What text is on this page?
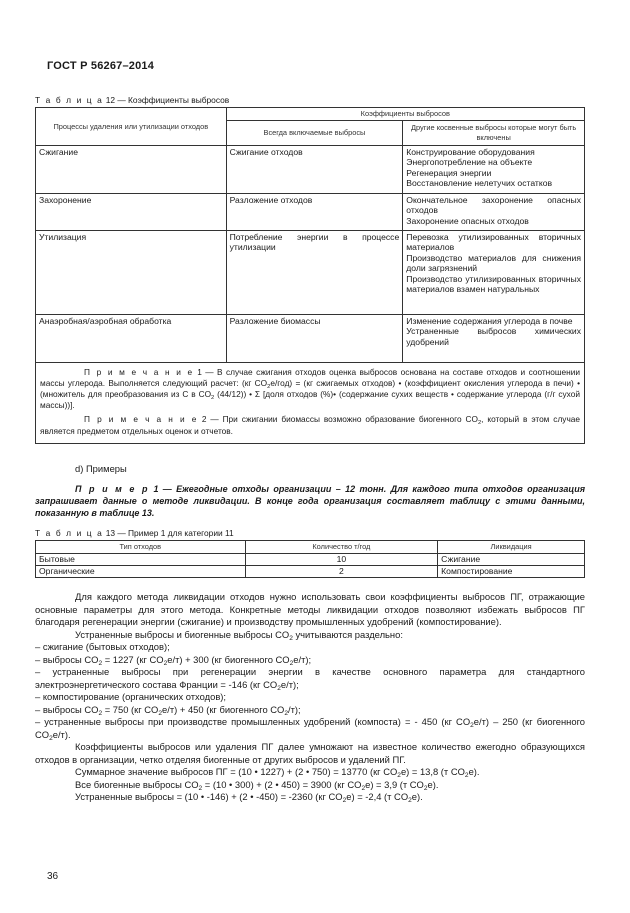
ГОСТ Р 56267–2014
Т а б л и ц а 12 — Коэффициенты выбросов
Процессы удаления или утилизации отходов	Коэффициенты выбросов	
	Всегда включаемые выбросы	Другие косвенные выбросы которые могут быть включены
Сжигание	Сжигание отходов	Конструирование оборудования
Энергопотребление на объекте
Регенерация энергии
Восстановление нелетучих остатков

Захоронение	Разложение отходов	Окончательное захоронение опасных отходов
Захоронение опасных отходов

Утилизация	Потребление энергии в процессе утилизации	Перевозка утилизированных вторичных материалов
Производство материалов для снижения доли загрязнений
Производство утилизированных вторичных материалов взамен натуральных

Анаэробная/аэробная обработка	Разложение биомассы	Изменение содержания углерода в почве
Устраненные выбросов химических удобрений

П р и м е ч а н и е 1 — В случае сжигания отходов оценка выбросов основана на составе отходов и соотношении массы углерода. Выполняется следующий расчет: (кг $CO_2е/год) = (кг$ сжигаемых отходов) • (коэффициент окисления углерода в печи) • (множитель для преобразования из C в $CO_2$ (44/12)) • Σ [доля отходов (%)• (содержание сухих веществ • содержание углерода (г/г сухой массы))].

П р и м е ч а н и е 2 — При сжигании биомассы возможно образование биогенного $CO_2$, который в этом случае является предметом отдельных оценок и отчетов.		

d) Примеры

П р и м е р 1 — Ежегодные отходы организации – 12 тонн. Для каждого типа отходов организация запрашивает данные о методе ликвидации. В конце года организация составляет таблицу с этими данными, показанную в таблице 13.

Т а б л и ц а 13 — Пример 1 для категории 11
Тип отходов	Количество т/год	Ликвидация
Бытовые	10	Сжигание
Органические	2	Компостирование

Для каждого метода ликвидации отходов нужно использовать свои коэффициенты выбросов ПГ, отражающие основные параметры для этого метода. Конкретные методы ликвидации отходов позволяют избежать выбросов ПГ благодаря регенерации энергии (сжигание) и производству промышленных удобрений (компостирование).

Устраненные выбросы и биогенные выбросы $CO_2$ учитываются раздельно:

– сжигание (бытовых отходов);

– выбросы $CO_2 = 1227$ (кг $CO_2е/т) + 300$ (кг биогенного $CO_2е/т$);

– устраненные выбросы при регенерации энергии в качестве основного параметра для стандартного электроэнергетического состава Франции = -146 (кг $CO_2е/т$);

– компостирование (органических отходов);

– выбросы $CO_2 = 750$ (кг $CO_2е/т) + 450$ (кг биогенного $CO_2/т$);

– устраненные выбросы при производстве промышленных удобрений (компоста) = - 450 (кг $CO_2е/т) - 250$ (кг биогенного $CO_2е/т$).

Коэффициенты выбросов или удаления ПГ далее умножают на известное количество ежегодно образующихся отходов в организации, четко отделяя биогенные от других выбросов и удалений ПГ.

Суммарное значение выбросов ПГ = (10 • 1227) + (2 • 750) = 13770 (кг $CO_2е) = 13,8$ (т $CO_2е$).

Все биогенные выбросы $CO_2 = (10$ • 300) + (2 • 450) = 3900 (кг $CO_2е) = 3,9$ (т $CO_2е$).

Устраненные выбросы = (10 • -146) + (2 • -450) = -2360 (кг $CO_2е) = -2,4$ (т $CO_2е$).

36
